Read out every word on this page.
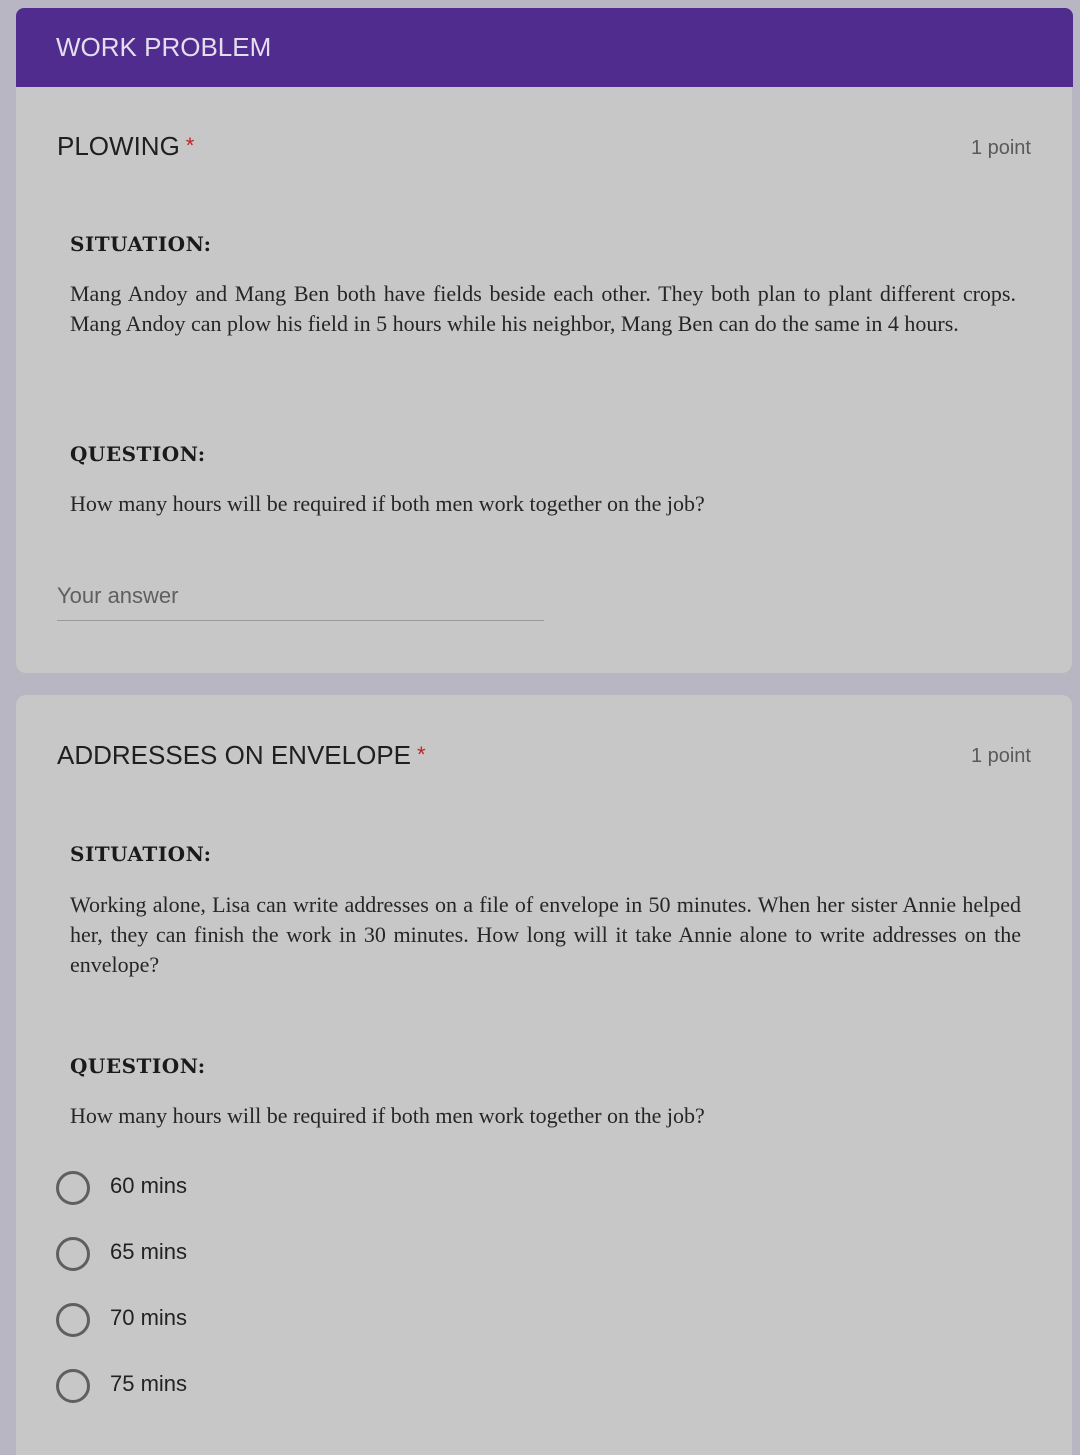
WORK PROBLEM
PLOWING *	1 point
SITUATION:
Mang Andoy and Mang Ben both have fields beside each other. They both plan to plant different crops. Mang Andoy can plow his field in 5 hours while his neighbor, Mang Ben can do the same in 4 hours.
QUESTION:
How many hours will be required if both men work together on the job?
Your answer
ADDRESSES ON ENVELOPE *	1 point
SITUATION:
Working alone, Lisa can write addresses on a file of envelope in 50 minutes. When her sister Annie helped her, they can finish the work in 30 minutes. How long will it take Annie alone to write addresses on the envelope?
QUESTION:
How many hours will be required if both men work together on the job?
60 mins
65 mins
70 mins
75 mins
